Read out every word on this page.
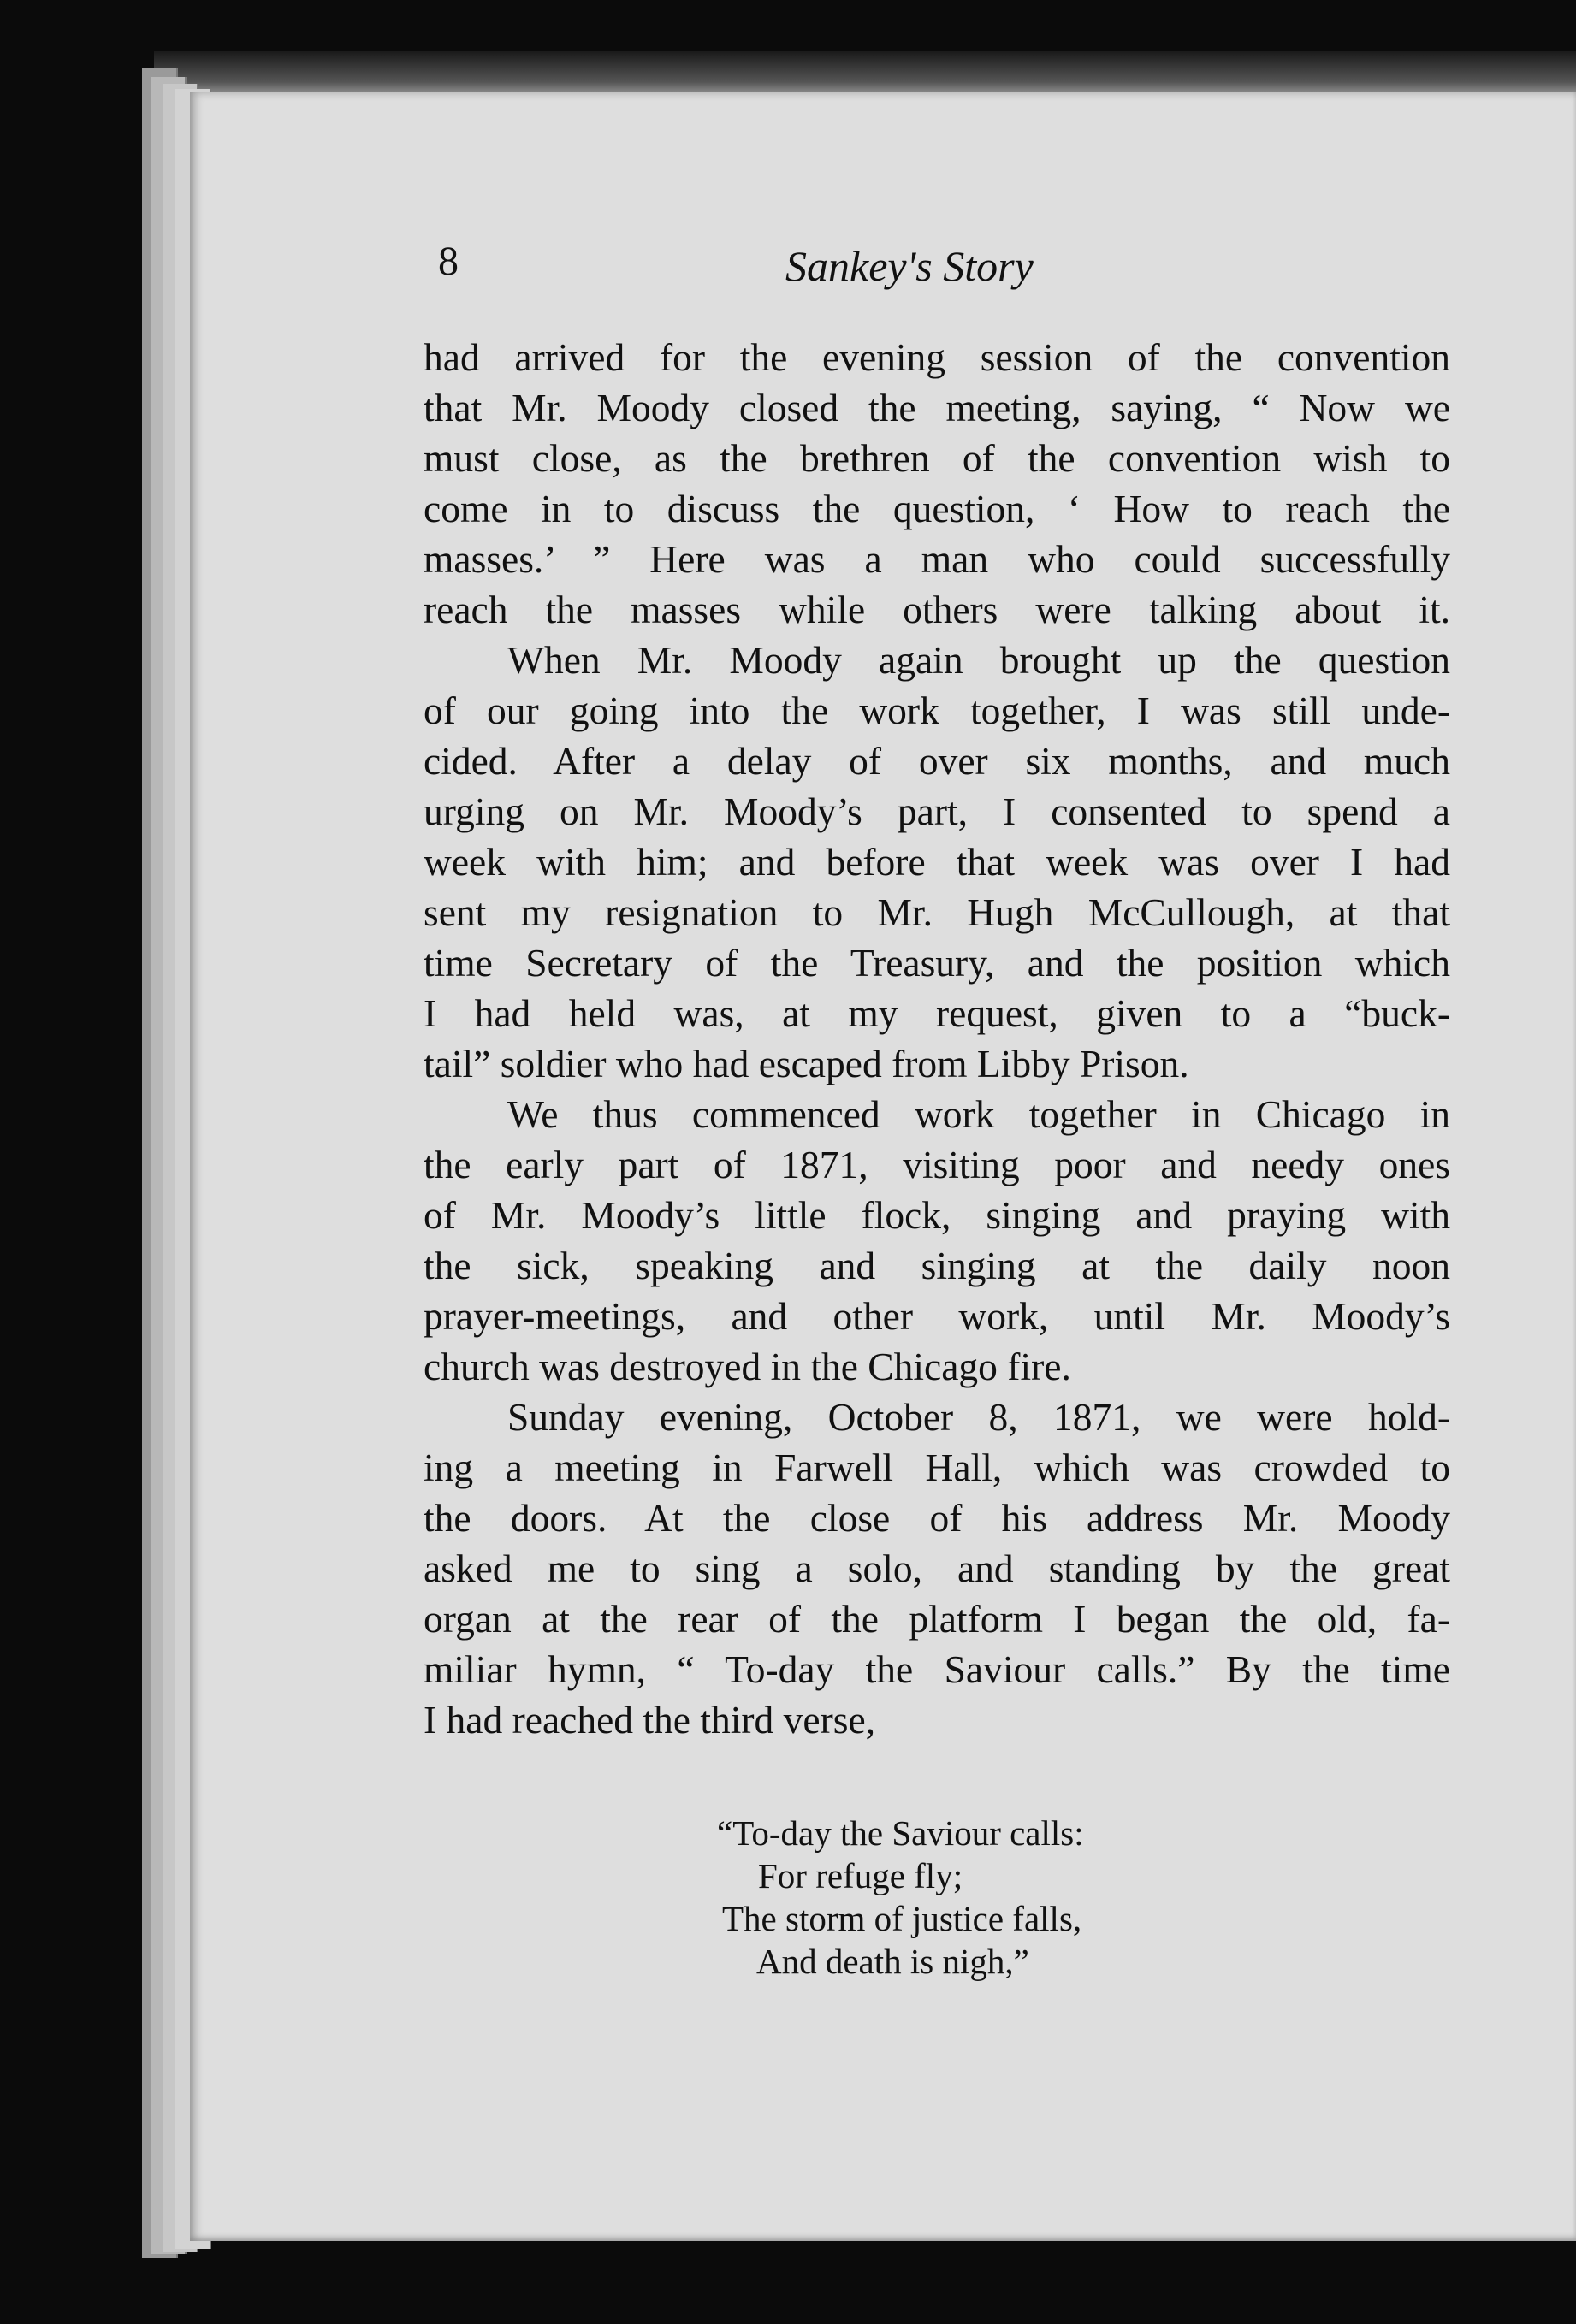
8	Sankey's Story

had arrived for the evening session of the convention
that Mr. Moody closed the meeting, saying, “ Now we
must close, as the brethren of the convention wish to
come in to discuss the question, ‘ How to reach the
masses.’ ” Here was a man who could successfully
reach the masses while others were talking about it.

When Mr. Moody again brought up the question
of our going into the work together, I was still unde-
cided. After a delay of over six months, and much
urging on Mr. Moody’s part, I consented to spend a
week with him; and before that week was over I had
sent my resignation to Mr. Hugh McCullough, at that
time Secretary of the Treasury, and the position which
I had held was, at my request, given to a “buck-
tail” soldier who had escaped from Libby Prison.

We thus commenced work together in Chicago in
the early part of 1871, visiting poor and needy ones
of Mr. Moody’s little flock, singing and praying with
the sick, speaking and singing at the daily noon
prayer-meetings, and other work, until Mr. Moody’s
church was destroyed in the Chicago fire.

Sunday evening, October 8, 1871, we were hold-
ing a meeting in Farwell Hall, which was crowded to
the doors. At the close of his address Mr. Moody
asked me to sing a solo, and standing by the great
organ at the rear of the platform I began the old, fa-
miliar hymn, “ To-day the Saviour calls.” By the time
I had reached the third verse,

“To-day the Saviour calls:
For refuge fly;
The storm of justice falls,
And death is nigh,”
